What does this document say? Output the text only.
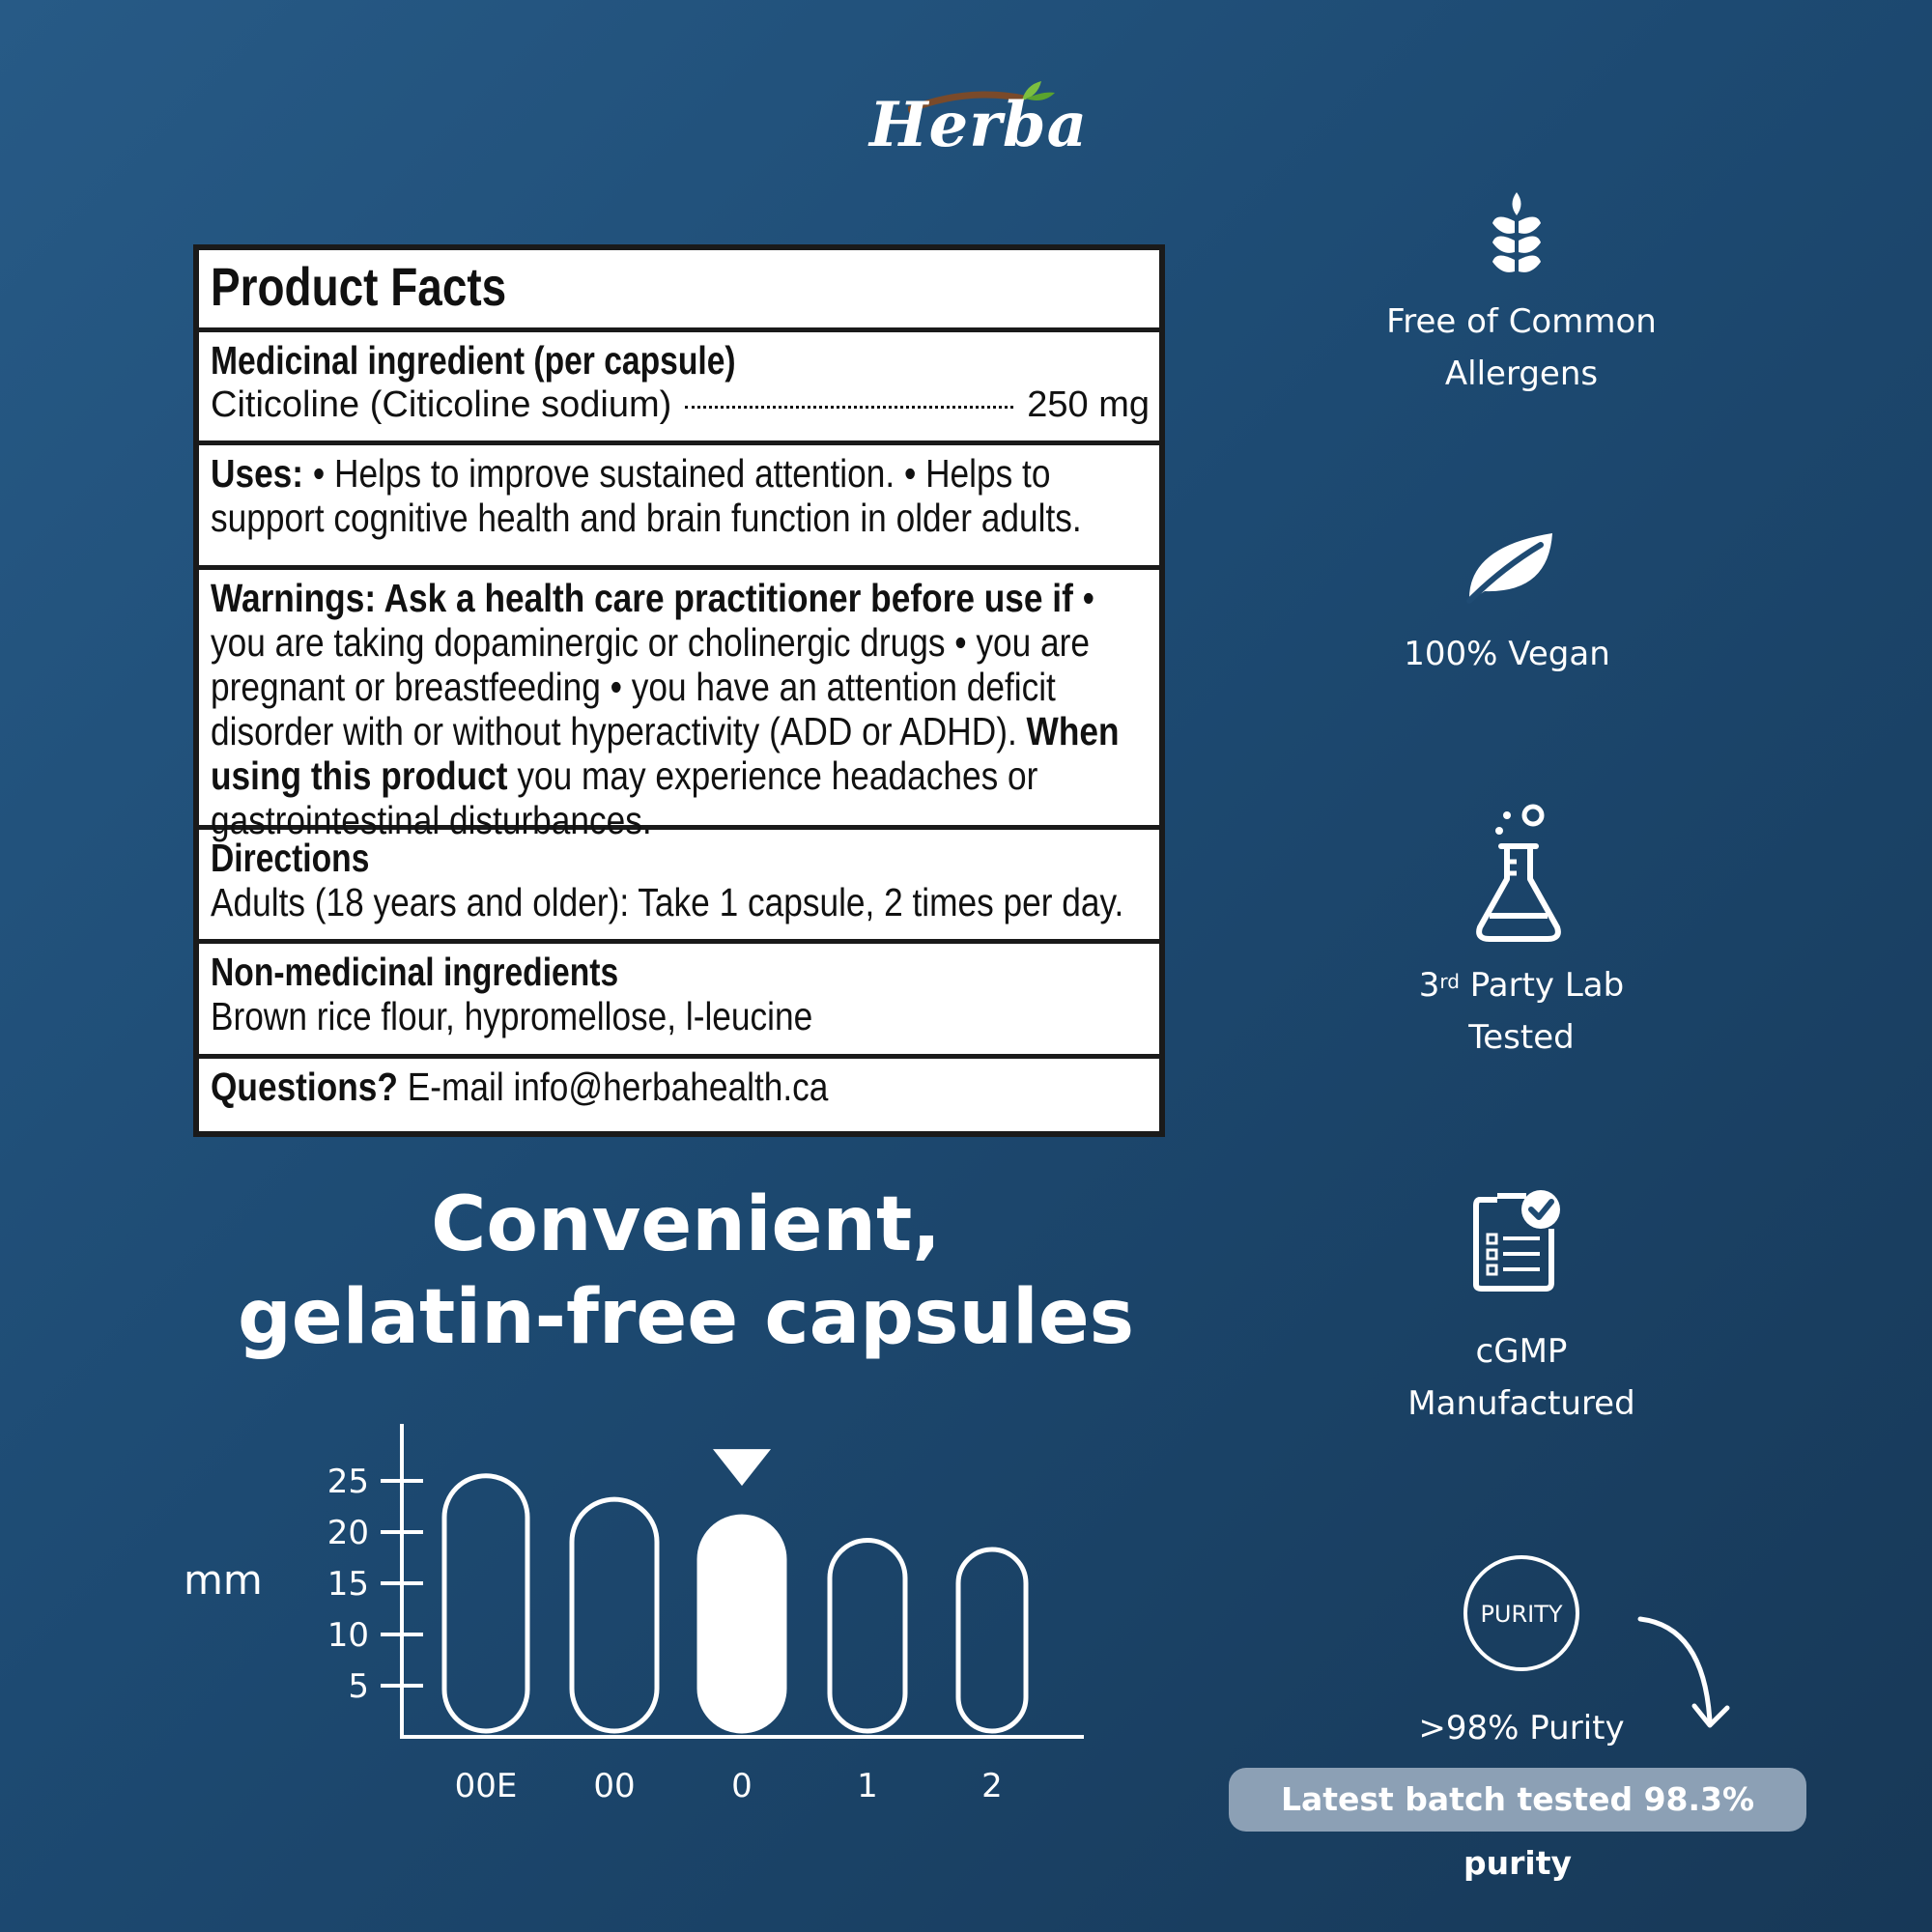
Herba
Product Facts
Medicinal ingredient (per capsule)
Citicoline (Citicoline sodium)	250 mg
Uses: • Helps to improve sustained attention. • Helps to support cognitive health and brain function in older adults.
Warnings: Ask a health care practitioner before use if • you are taking dopaminergic or cholinergic drugs • you are pregnant or breastfeeding • you have an attention deficit disorder with or without hyperactivity (ADD or ADHD). When using this product you may experience headaches or gastrointestinal disturbances.
Directions Adults (18 years and older): Take 1 capsule, 2 times per day.
Non-medicinal ingredients Brown rice flour, hypromellose, l-leucine
Questions? E-mail info@herbahealth.ca
Convenient,
gelatin-free capsules
mm
5
10
15
20
25
00E 00	0	1	2
Free of Common
Allergens
100% Vegan
3rd Party Lab
Tested
cGMP
Manufactured
PURITY
>98% Purity
Latest batch tested 98.3% purity
